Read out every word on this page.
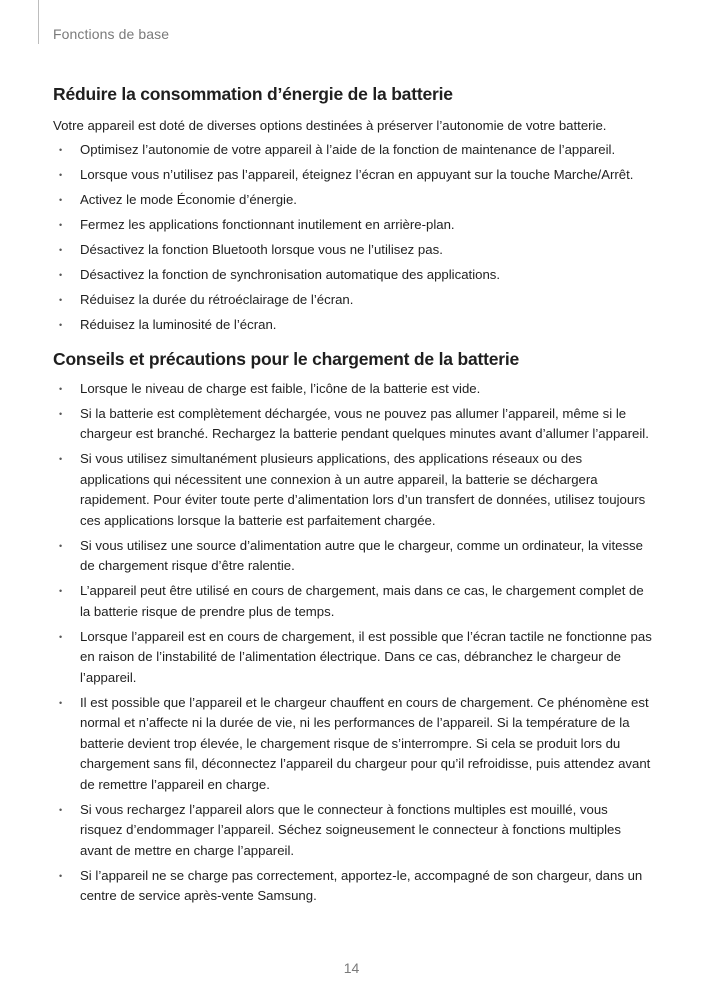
Fonctions de base
Réduire la consommation d’énergie de la batterie

Votre appareil est doté de diverses options destinées à préserver l’autonomie de votre batterie.

• Optimisez l’autonomie de votre appareil à l’aide de la fonction de maintenance de l’appareil.
• Lorsque vous n’utilisez pas l’appareil, éteignez l’écran en appuyant sur la touche Marche/Arrêt.
• Activez le mode Économie d’énergie.
• Fermez les applications fonctionnant inutilement en arrière-plan.
• Désactivez la fonction Bluetooth lorsque vous ne l’utilisez pas.
• Désactivez la fonction de synchronisation automatique des applications.
• Réduisez la durée du rétroéclairage de l’écran.
• Réduisez la luminosité de l’écran.
Conseils et précautions pour le chargement de la batterie
• Lorsque le niveau de charge est faible, l’icône de la batterie est vide.
• Si la batterie est complètement déchargée, vous ne pouvez pas allumer l’appareil, même si le chargeur est branché. Rechargez la batterie pendant quelques minutes avant d’allumer l’appareil.
• Si vous utilisez simultanément plusieurs applications, des applications réseaux ou des applications qui nécessitent une connexion à un autre appareil, la batterie se déchargera rapidement. Pour éviter toute perte d’alimentation lors d’un transfert de données, utilisez toujours ces applications lorsque la batterie est parfaitement chargée.
• Si vous utilisez une source d’alimentation autre que le chargeur, comme un ordinateur, la vitesse de chargement risque d’être ralentie.
• L’appareil peut être utilisé en cours de chargement, mais dans ce cas, le chargement complet de la batterie risque de prendre plus de temps.
• Lorsque l’appareil est en cours de chargement, il est possible que l’écran tactile ne fonctionne pas en raison de l’instabilité de l’alimentation électrique. Dans ce cas, débranchez le chargeur de l’appareil.
• Il est possible que l’appareil et le chargeur chauffent en cours de chargement. Ce phénomène est normal et n’affecte ni la durée de vie, ni les performances de l’appareil. Si la température de la batterie devient trop élevée, le chargement risque de s’interrompre. Si cela se produit lors du chargement sans fil, déconnectez l’appareil du chargeur pour qu’il refroidisse, puis attendez avant de remettre l’appareil en charge.
• Si vous rechargez l’appareil alors que le connecteur à fonctions multiples est mouillé, vous risquez d’endommager l’appareil. Séchez soigneusement le connecteur à fonctions multiples avant de mettre en charge l’appareil.
• Si l’appareil ne se charge pas correctement, apportez-le, accompagné de son chargeur, dans un centre de service après-vente Samsung.
14
